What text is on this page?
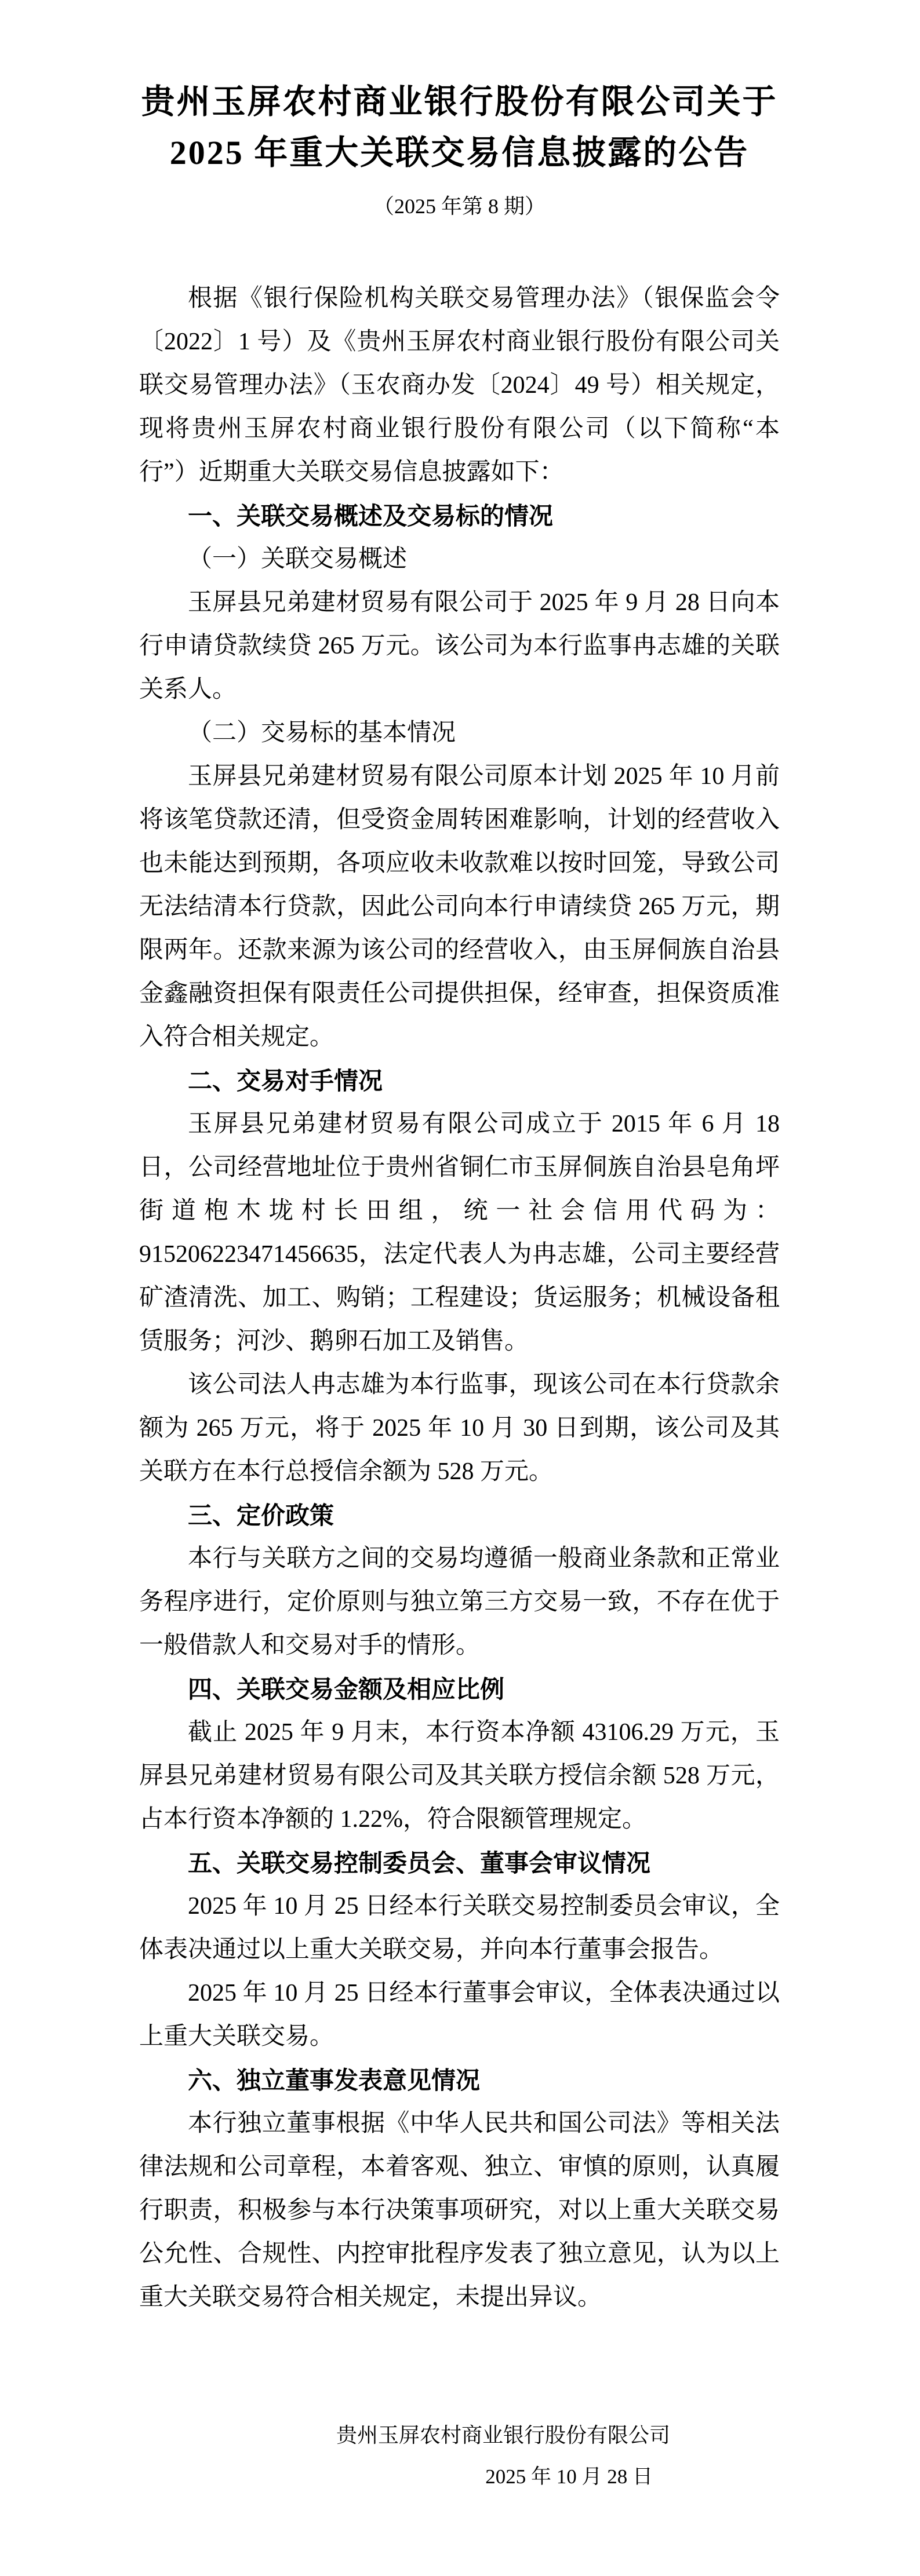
贵州玉屏农村商业银行股份有限公司关于
2025 年重大关联交易信息披露的公告
（2025 年第 8 期）

根据《银行保险机构关联交易管理办法》（银保监会令〔2022〕1 号）及《贵州玉屏农村商业银行股份有限公司关联交易管理办法》（玉农商办发〔2024〕49 号）相关规定，现将贵州玉屏农村商业银行股份有限公司（以下简称“本行”）近期重大关联交易信息披露如下：

一、关联交易概述及交易标的情况

（一）关联交易概述

玉屏县兄弟建材贸易有限公司于 2025 年 9 月 28 日向本行申请贷款续贷 265 万元。该公司为本行监事冉志雄的关联关系人。

（二）交易标的基本情况

玉屏县兄弟建材贸易有限公司原本计划 2025 年 10 月前将该笔贷款还清，但受资金周转困难影响，计划的经营收入也未能达到预期，各项应收未收款难以按时回笼，导致公司无法结清本行贷款，因此公司向本行申请续贷 265 万元，期限两年。还款来源为该公司的经营收入，由玉屏侗族自治县金鑫融资担保有限责任公司提供担保，经审查，担保资质准入符合相关规定。

二、交易对手情况

玉屏县兄弟建材贸易有限公司成立于 2015 年 6 月 18 日，公司经营地址位于贵州省铜仁市玉屏侗族自治县皂角坪街道枹木垅村长田组，统一社会信用代码为：915206223471456635，法定代表人为冉志雄，公司主要经营矿渣清洗、加工、购销；工程建设；货运服务；机械设备租赁服务；河沙、鹅卵石加工及销售。

该公司法人冉志雄为本行监事，现该公司在本行贷款余额为 265 万元，将于 2025 年 10 月 30 日到期，该公司及其关联方在本行总授信余额为 528 万元。

三、定价政策

本行与关联方之间的交易均遵循一般商业条款和正常业务程序进行，定价原则与独立第三方交易一致，不存在优于一般借款人和交易对手的情形。

四、关联交易金额及相应比例

截止 2025 年 9 月末，本行资本净额 43106.29 万元，玉屏县兄弟建材贸易有限公司及其关联方授信余额 528 万元，占本行资本净额的 1.22%，符合限额管理规定。

五、关联交易控制委员会、董事会审议情况

2025 年 10 月 25 日经本行关联交易控制委员会审议，全体表决通过以上重大关联交易，并向本行董事会报告。

2025 年 10 月 25 日经本行董事会审议，全体表决通过以上重大关联交易。

六、独立董事发表意见情况

本行独立董事根据《中华人民共和国公司法》等相关法律法规和公司章程，本着客观、独立、审慎的原则，认真履行职责，积极参与本行决策事项研究，对以上重大关联交易公允性、合规性、内控审批程序发表了独立意见，认为以上重大关联交易符合相关规定，未提出异议。

贵州玉屏农村商业银行股份有限公司
2025 年 10 月 28 日
